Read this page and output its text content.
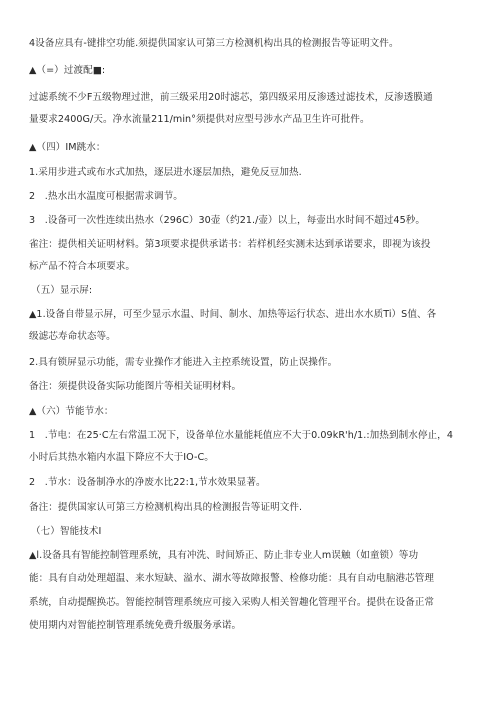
4设备应具有-键排空功能.须提供国家认可第三方检测机构出具的检测报告等证明文件。
▲（=）过渡配■:
过滤系统不少F五级物理过泄，前三级采用20时滤芯，第四级采用反渗透过滤技术，反渗透膜通
量要求2400G/天。净水流量211/min°须提供对应型号涉水产品卫生许可批件。
▲（四）IM跳水：
1.采用步进式或布水式加热，逐层进水逐层加热，避免反豆加热.
2　.热水出水温度可根据需求调节。
3　.设备可一次性连续出热水（296C）30壶（约21./壶）以上，每壶出水时间不超过45秒。
雀注：提供相关证明材料。第3项要求提供承诺书：若样机经实测未达到承诺要求，即视为该投
标产品不符合本项要求。
（五）显示屏:
▲1.设备自带显示屏，可至少显示水温、时间、制水、加热等运行状态、进出水水质Ti）S值、各
级滤芯寿命状态等。
2.具有锁屏显示功能，需专业操作才能进入主控系统设置，防止误操作。
备注：须提供设备实际功能图片等相关证明材料。
▲（六）节能节水：
1　.节电：在25·C左右常温工况下，设备单位水量能耗值应不大于0.09kR'h/1.:加热到制水停止，4
小时后其热水箱内水温下降应不大于IO-C。
2　.节水：设备制净水的净废水比22:1,节水效果显著。
备注：提供国家认可第三方检测机构出具的检测报告等证明文件.
（七）智能技术I
▲l.设备具有智能控制管理系统，具有冲洗、时间矫正、防止非专业人m误触（如童锁）等功
能：具有自动处理超温、来水短缺、溢水、湖水等故障报警、检修功能：具有自动电脑港芯管理
系统，自动提醒换芯。智能控制管理系统应可接入采购人相关智趣化管理平台。提供在设备正常
使用期内对智能控制管理系统免费升级服务承诺。
